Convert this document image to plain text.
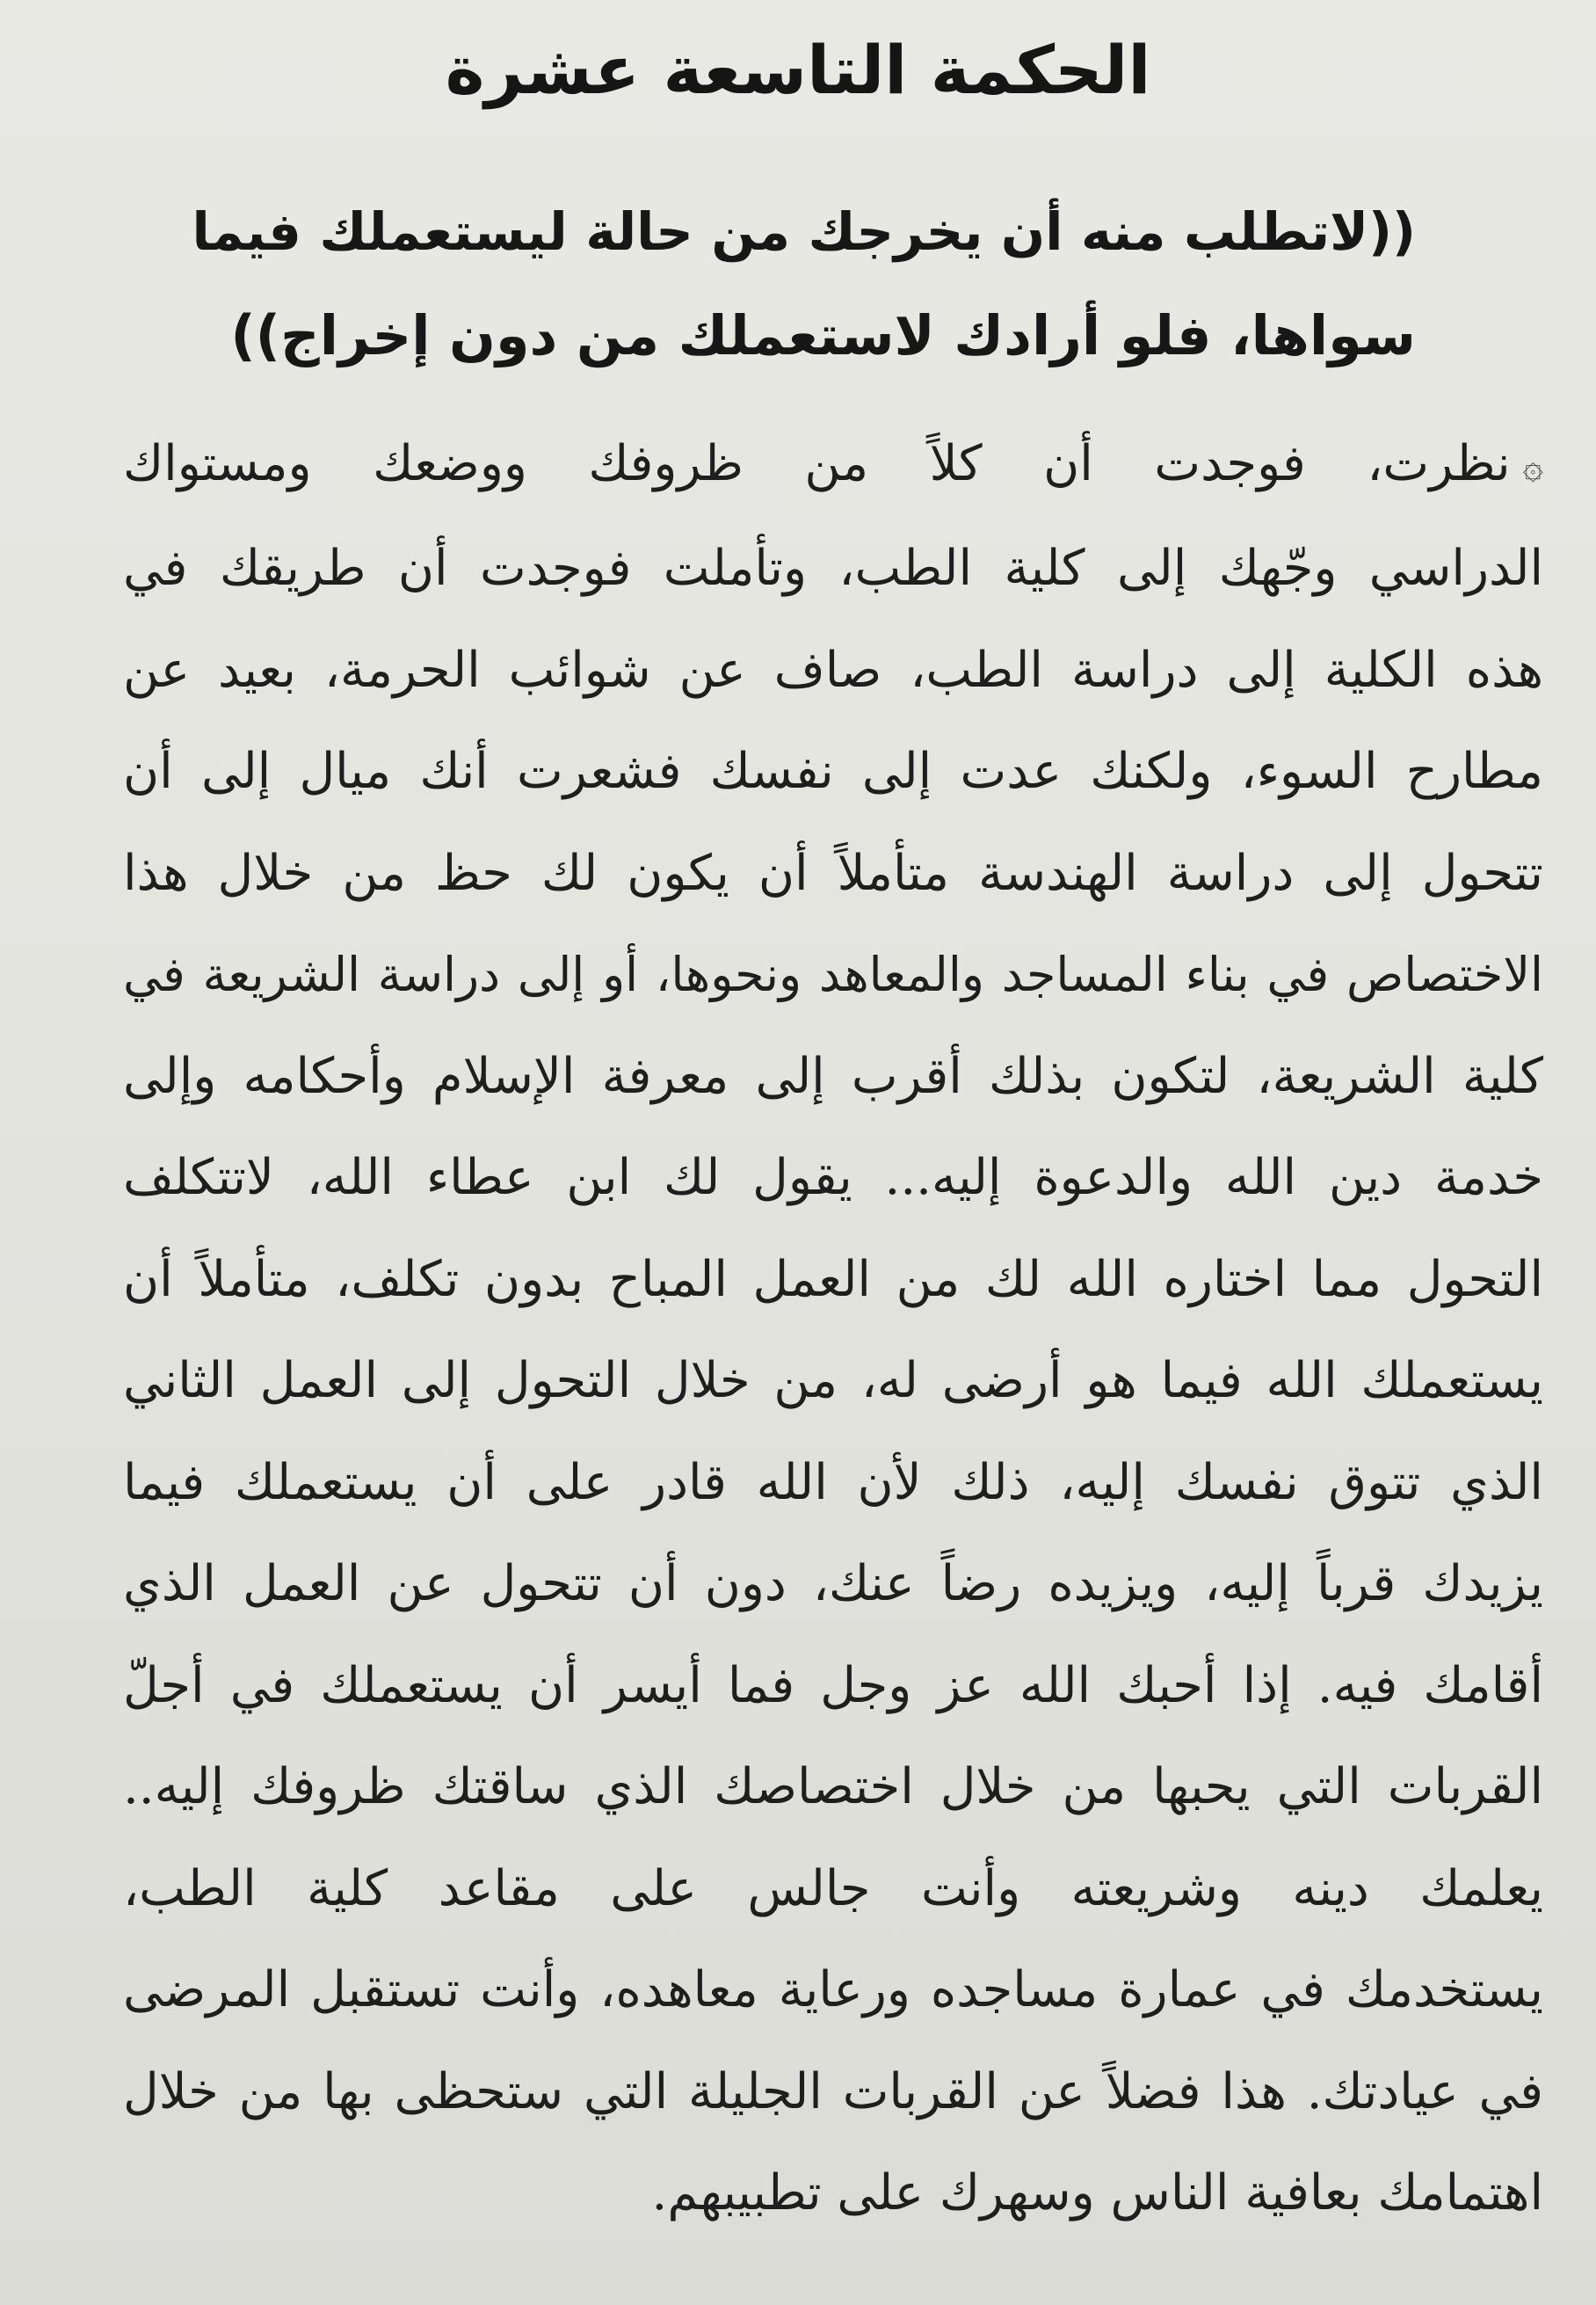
الحكمة التاسعة عشرة

((لاتطلب منه أن يخرجك من حالة ليستعملك فيما
سواها، فلو أرادك لاستعملك من دون إخراج))

۞نظرت، فوجدت أن كلاً من ظروفك ووضعك ومستواك
الدراسي وجّهك إلى كلية الطب، وتأملت فوجدت أن طريقك في
هذه الكلية إلى دراسة الطب، صاف عن شوائب الحرمة، بعيد عن
مطارح السوء، ولكنك عدت إلى نفسك فشعرت أنك ميال إلى أن
تتحول إلى دراسة الهندسة متأملاً أن يكون لك حظ من خلال هذا
الاختصاص في بناء المساجد والمعاهد ونحوها، أو إلى دراسة الشريعة في
كلية الشريعة، لتكون بذلك أقرب إلى معرفة الإسلام وأحكامه وإلى
خدمة دين الله والدعوة إليه... يقول لك ابن عطاء الله، لاتتكلف
التحول مما اختاره الله لك من العمل المباح بدون تكلف، متأملاً أن
يستعملك الله فيما هو أرضى له، من خلال التحول إلى العمل الثاني
الذي تتوق نفسك إليه، ذلك لأن الله قادر على أن يستعملك فيما
يزيدك قرباً إليه، ويزيده رضاً عنك، دون أن تتحول عن العمل الذي
أقامك فيه. إذا أحبك الله عز وجل فما أيسر أن يستعملك في أجلّ
القربات التي يحبها من خلال اختصاصك الذي ساقتك ظروفك إليه..
يعلمك دينه وشريعته وأنت جالس على مقاعد كلية الطب،
يستخدمك في عمارة مساجده ورعاية معاهده، وأنت تستقبل المرضى
في عيادتك. هذا فضلاً عن القربات الجليلة التي ستحظى بها من خلال
اهتمامك بعافية الناس وسهرك على تطبيبهم.
